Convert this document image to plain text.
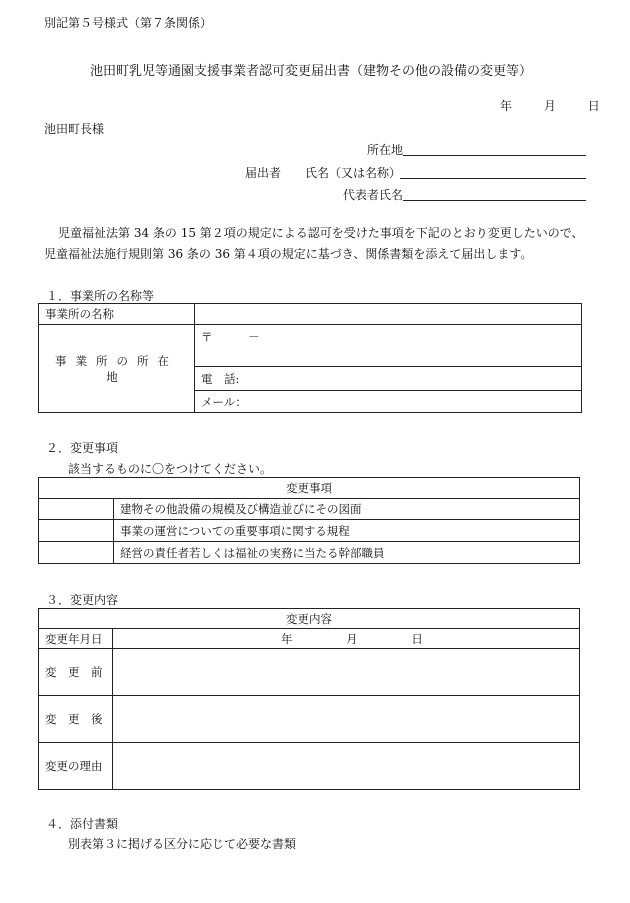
別記第５号様式（第７条関係）
池田町乳児等通園支援事業者認可変更届出書（建物その他の設備の変更等）
年	月	日
池田町長様
所在地
届出者 氏名（又は名称）
代表者氏名
児童福祉法第 34 条の 15 第２項の規定による認可を受けた事項を下記のとおり変更したいので、
児童福祉法施行規則第 36 条の 36 第４項の規定に基づき、関係書類を添えて届出します。
１．事業所の名称等
事業所の名称	
事業所の所在地	〒 －
	電　話:
	メール：
２．変更事項
該当するものに〇をつけてください。
変更事項	
	建物その他設備の規模及び構造並びにその図面
	事業の運営についての重要事項に関する規程
	経営の責任者若しくは福祉の実務に当たる幹部職員
３．変更内容
変更内容	
変更年月日	年 月 日
変　更　前	
変　更　後	
変更の理由	
４．添付書類
別表第３に掲げる区分に応じて必要な書類
